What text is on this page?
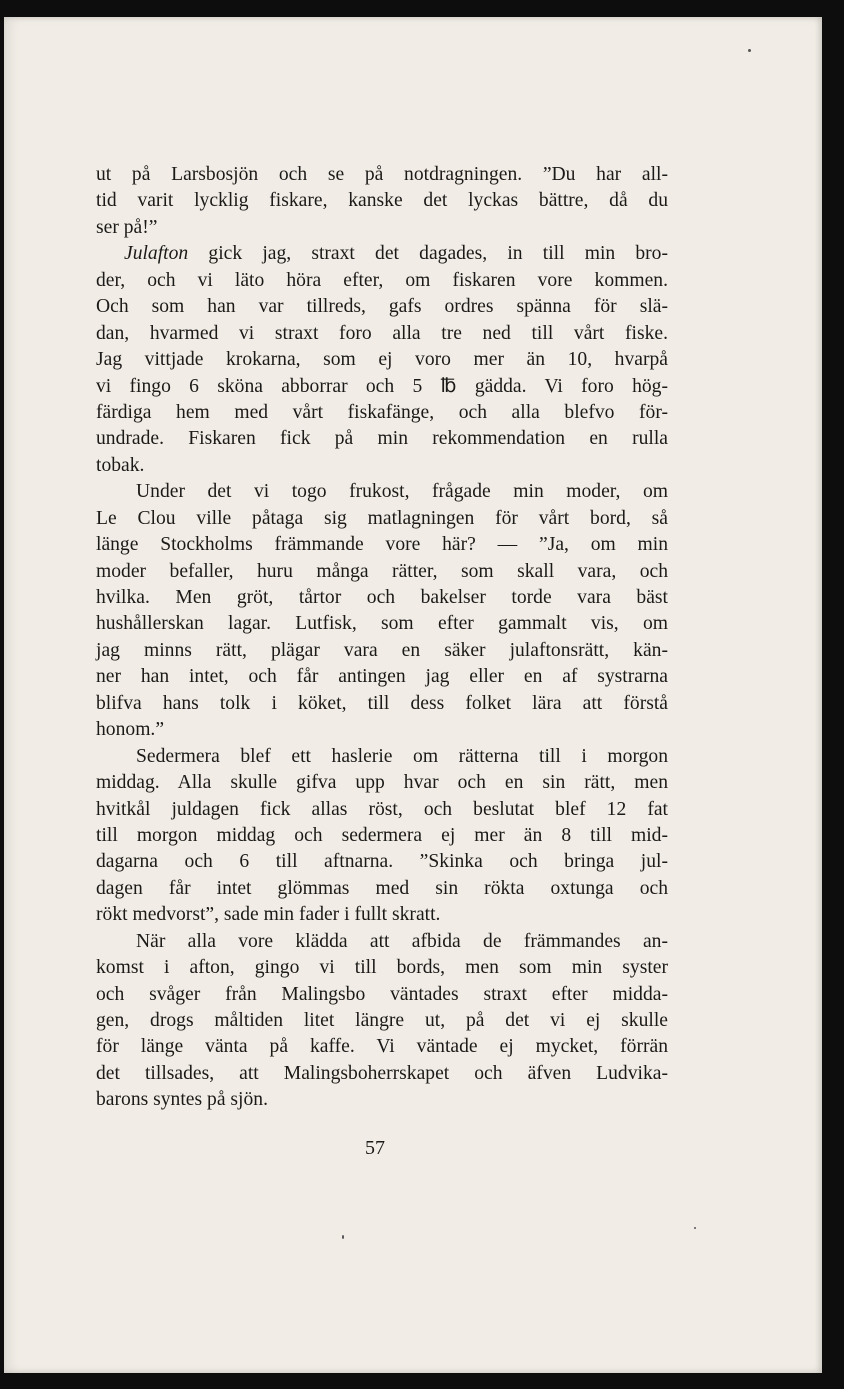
ut på Larsbosjön och se på notdragningen. ”Du har all-
tid varit lycklig fiskare, kanske det lyckas bättre, då du
ser på!”
Julafton gick jag, straxt det dagades, in till min bro-
der, och vi läto höra efter, om fiskaren vore kommen.
Och som han var tillreds, gafs ordres spänna för slä-
dan, hvarmed vi straxt foro alla tre ned till vårt fiske.
Jag vittjade krokarna, som ej voro mer än 10, hvarpå
vi fingo 6 sköna abborrar och 5 ℔ gädda. Vi foro hög-
färdiga hem med vårt fiskafänge, och alla blefvo för-
undrade. Fiskaren fick på min rekommendation en rulla
tobak.
Under det vi togo frukost, frågade min moder, om
Le Clou ville påtaga sig matlagningen för vårt bord, så
länge Stockholms främmande vore här? — ”Ja, om min
moder befaller, huru många rätter, som skall vara, och
hvilka. Men gröt, tårtor och bakelser torde vara bäst
hushållerskan lagar. Lutfisk, som efter gammalt vis, om
jag minns rätt, plägar vara en säker julaftonsrätt, kän-
ner han intet, och får antingen jag eller en af systrarna
blifva hans tolk i köket, till dess folket lära att förstå
honom.”
Sedermera blef ett haslerie om rätterna till i morgon
middag. Alla skulle gifva upp hvar och en sin rätt, men
hvitkål juldagen fick allas röst, och beslutat blef 12 fat
till morgon middag och sedermera ej mer än 8 till mid-
dagarna och 6 till aftnarna. ”Skinka och bringa jul-
dagen får intet glömmas med sin rökta oxtunga och
rökt medvorst”, sade min fader i fullt skratt.
När alla vore klädda att afbida de främmandes an-
komst i afton, gingo vi till bords, men som min syster
och svåger från Malingsbo väntades straxt efter midda-
gen, drogs måltiden litet längre ut, på det vi ej skulle
för länge vänta på kaffe. Vi väntade ej mycket, förrän
det tillsades, att Malingsboherrskapet och äfven Ludvika-
barons syntes på sjön.
57
